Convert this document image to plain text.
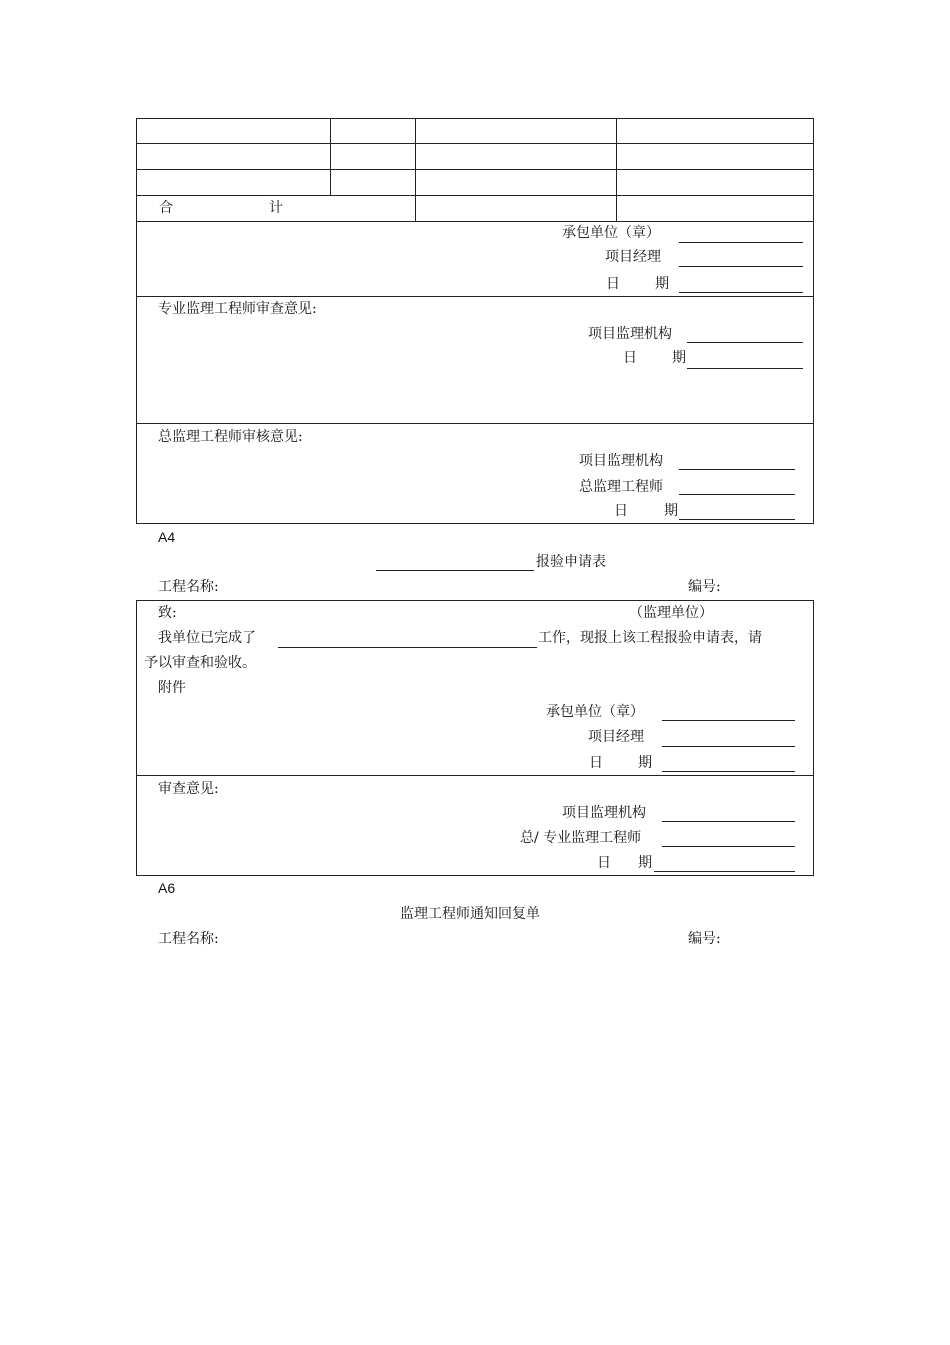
合	计
承包单位（章）
项目经理
日	期
专业监理工程师审查意见:
项目监理机构
日	期
总监理工程师审核意见:
项目监理机构
总监理工程师
日	期
A4
报验申请表
工程名称:	编号:
致:	（监理单位）
我单位已完成了	工作，现报上该工程报验申请表，请
予以审查和验收。
附件
承包单位（章）
项目经理
日	期
审查意见:
项目监理机构
总/ 专业监理工程师
日 期
A6
监理工程师通知回复单
工程名称:	编号:
